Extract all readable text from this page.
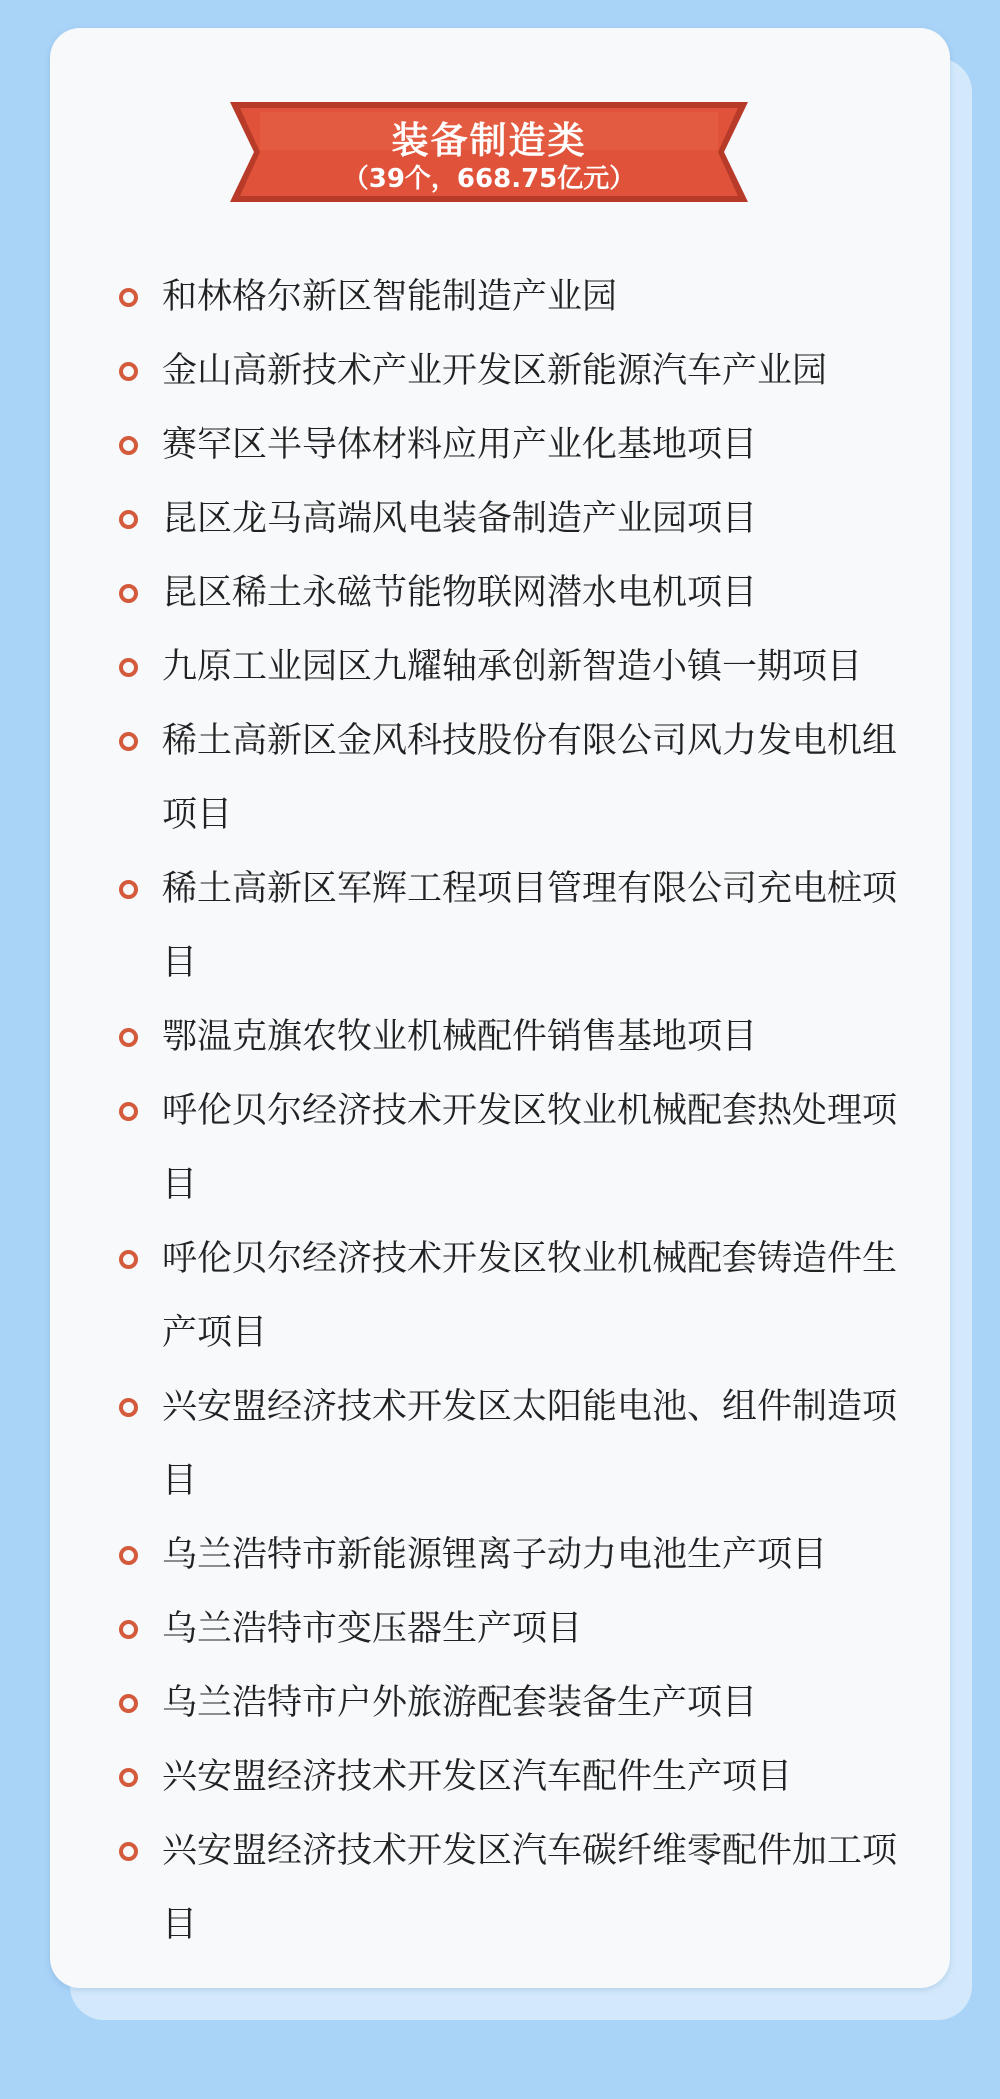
装备制造类
（39个，668.75亿元）
和林格尔新区智能制造产业园
金山高新技术产业开发区新能源汽车产业园
赛罕区半导体材料应用产业化基地项目
昆区龙马高端风电装备制造产业园项目
昆区稀土永磁节能物联网潜水电机项目
九原工业园区九耀轴承创新智造小镇一期项目
稀土高新区金风科技股份有限公司风力发电机组项目
稀土高新区军辉工程项目管理有限公司充电桩项目
鄂温克旗农牧业机械配件销售基地项目
呼伦贝尔经济技术开发区牧业机械配套热处理项目
呼伦贝尔经济技术开发区牧业机械配套铸造件生产项目
兴安盟经济技术开发区太阳能电池、组件制造项目
乌兰浩特市新能源锂离子动力电池生产项目
乌兰浩特市变压器生产项目
乌兰浩特市户外旅游配套装备生产项目
兴安盟经济技术开发区汽车配件生产项目
兴安盟经济技术开发区汽车碳纤维零配件加工项目
